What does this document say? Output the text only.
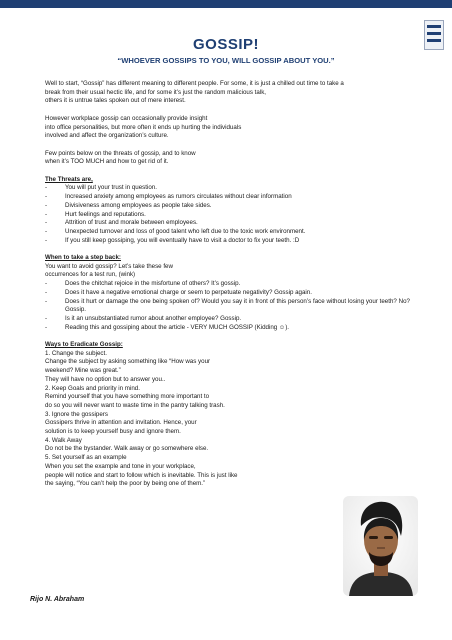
GOSSIP!
“WHOEVER GOSSIPS TO YOU, WILL GOSSIP ABOUT YOU.”

Well to start, “Gossip” has different meaning to different people. For some, it is just a chilled out time to take a
break from their usual hectic life, and for some it’s just the random malicious talk,
others it is untrue tales spoken out of mere interest.

However workplace gossip can occasionally provide insight
into office personalities, but more often it ends up hurting the individuals
involved and affect the organization’s culture.

Few points below on the threats of gossip, and to know
when it’s TOO MUCH and how to get rid of it.

The Threats are,
- You will put your trust in question.
- Increased anxiety among employees as rumors circulates without clear information
- Divisiveness among employees as people take sides.
- Hurt feelings and reputations.
- Attrition of trust and morale between employees.
- Unexpected turnover and loss of good talent who left due to the toxic work environment.
- If you still keep gossiping, you will eventually have to visit a doctor to fix your teeth. :D

When to take a step back:
You want to avoid gossip? Let’s take these few
occurrences for a test run, (wink)
- Does the chitchat rejoice in the misfortune of others? It’s gossip.
- Does it have a negative emotional charge or seem to perpetuate negativity? Gossip again.
- Does it hurt or damage the one being spoken of? Would you say it in front of this person’s face without losing your teeth? No? Gossip.
- Is it an unsubstantiated rumor about another employee? Gossip.
- Reading this and gossiping about the article - VERY MUCH GOSSIP (Kidding ☺).

Ways to Eradicate Gossip:
1. Change the subject.
Change the subject by asking something like “How was your
weekend? Mine was great.”
They will have no option but to answer you..
2. Keep Goals and priority in mind.
Remind yourself that you have something more important to
do so you will never want to waste time in the pantry talking trash.
3. Ignore the gossipers
Gossipers thrive in attention and invitation. Hence, your
solution is to keep yourself busy and ignore them.
4. Walk Away
Do not be the bystander. Walk away or go somewhere else.
5. Set yourself as an example
When you set the example and tone in your workplace,
people will notice and start to follow which is inevitable. This is just like
the saying, “You can’t help the poor by being one of them.”
Rijo N. Abraham
